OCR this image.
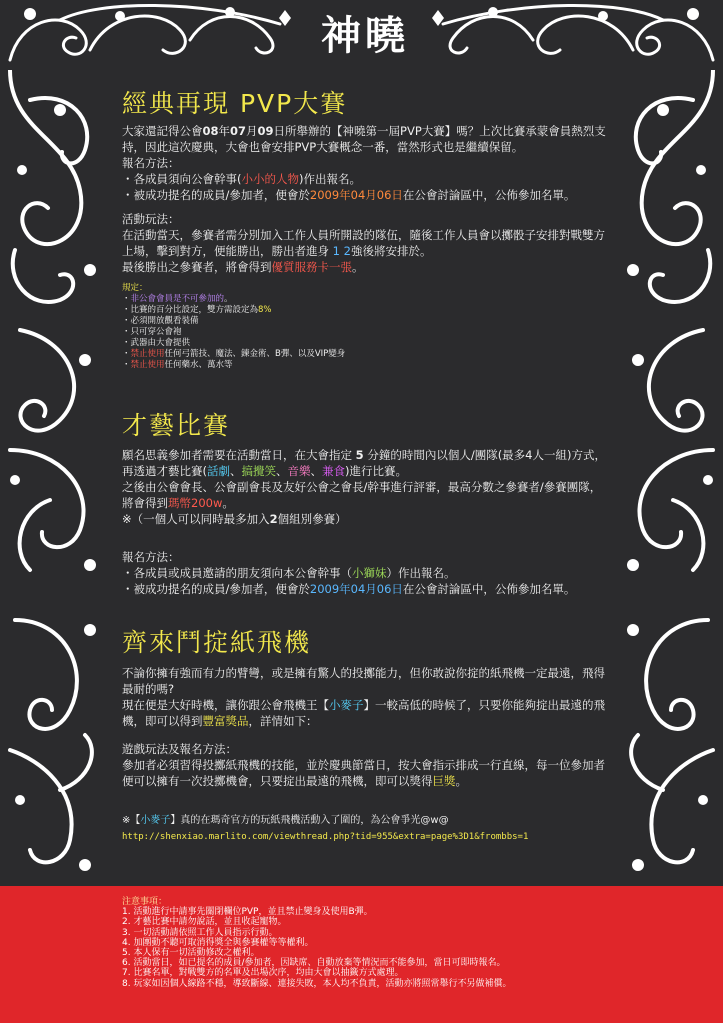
神曉
經典再現 PVP大賽

大家還記得公會08年07月09日所舉辦的【神曉第一屆PVP大賽】嗎？上次比賽承蒙會員熱烈支持，因此這次慶典，大會也會安排PVP大賽概念一番，當然形式也是繼續保留。

報名方法：

・各成員須向公會幹事(小小的人物)作出報名。

・被成功提名的成員/參加者，便會於2009年04月06日在公會討論區中，公佈參加名單。

活動玩法：

在活動當天，參賽者需分別加入工作人員所開設的隊伍，隨後工作人員會以擲骰子安排對戰雙方上場，擊到對方，便能勝出，勝出者進身 1 2強後將安排於。

最後勝出之參賽者，將會得到優質服務卡一張。

規定：

・非公會會員是不可參加的。
・比賽的百分比設定，雙方需設定為8%
・必須開放觀看裝備
・只可穿公會袍
・武器由大會提供
・禁止使用任何弓箭技、魔法、鍊金術、B彈、以及VIP變身
・禁止使用任何藥水、萬水等
才藝比賽

願名思義參加者需要在活動當日，在大會指定 5 分鐘的時間內以個人/團隊(最多4人一組)方式，再透過才藝比賽(話劇、搞攪笑、音樂、兼食)進行比賽。

之後由公會會長、公會副會長及友好公會之會長/幹事進行評審，最高分數之參賽者/參賽團隊，將會得到瑪幣200w。

※（一個人可以同時最多加入2個組別參賽）

報名方法：

・各成員或成員邀請的朋友須向本公會幹事（小獅妹）作出報名。

・被成功提名的成員/參加者，便會於2009年04月06日在公會討論區中，公佈參加名單。

齊來鬥掟紙飛機

不論你擁有強而有力的臂彎，或是擁有驚人的投擲能力，但你敢說你掟的紙飛機一定最遠，飛得最耐的嗎?

現在便是大好時機，讓你跟公會飛機王【小麥子】一較高低的時候了，只要你能夠掟出最遠的飛機，即可以得到豐富獎品，詳情如下：

遊戲玩法及報名方法：

參加者必須習得投擲紙飛機的技能，並於慶典節當日，按大會指示排成一行直線，每一位參加者便可以擁有一次投擲機會，只要掟出最遠的飛機，即可以獎得巨獎。

※【小麥子】真的在瑪奇官方的玩紙飛機活動入了圍的，為公會爭光@w@

http://shenxiao.marlito.com/viewthread.php?tid=955&extra=page%3D1&frombbs=1

注意事項：
1. 活動進行中請事先關閉欄位PVP，並且禁止變身及使用B彈。
2. 才藝比賽中請勿說話，並且收起寵物。
3. 一切活動請依照工作人員指示行動。
4. 加團動不聽可取消得獎全與參賽權等等權利。
5. 本人保有一切活動修改之權利。
6. 活動當日，如已提名的成員/參加者，因缺席、自動放棄等情況而不能參加，當日可即時報名。
7. 比賽名單，對戰雙方的名單及出場次序，均由大會以抽籤方式處理。
8. 玩家如因個人線路不穩，導致斷線、連接失敗，本人均不負責，活動亦將照常舉行不另做補償。
